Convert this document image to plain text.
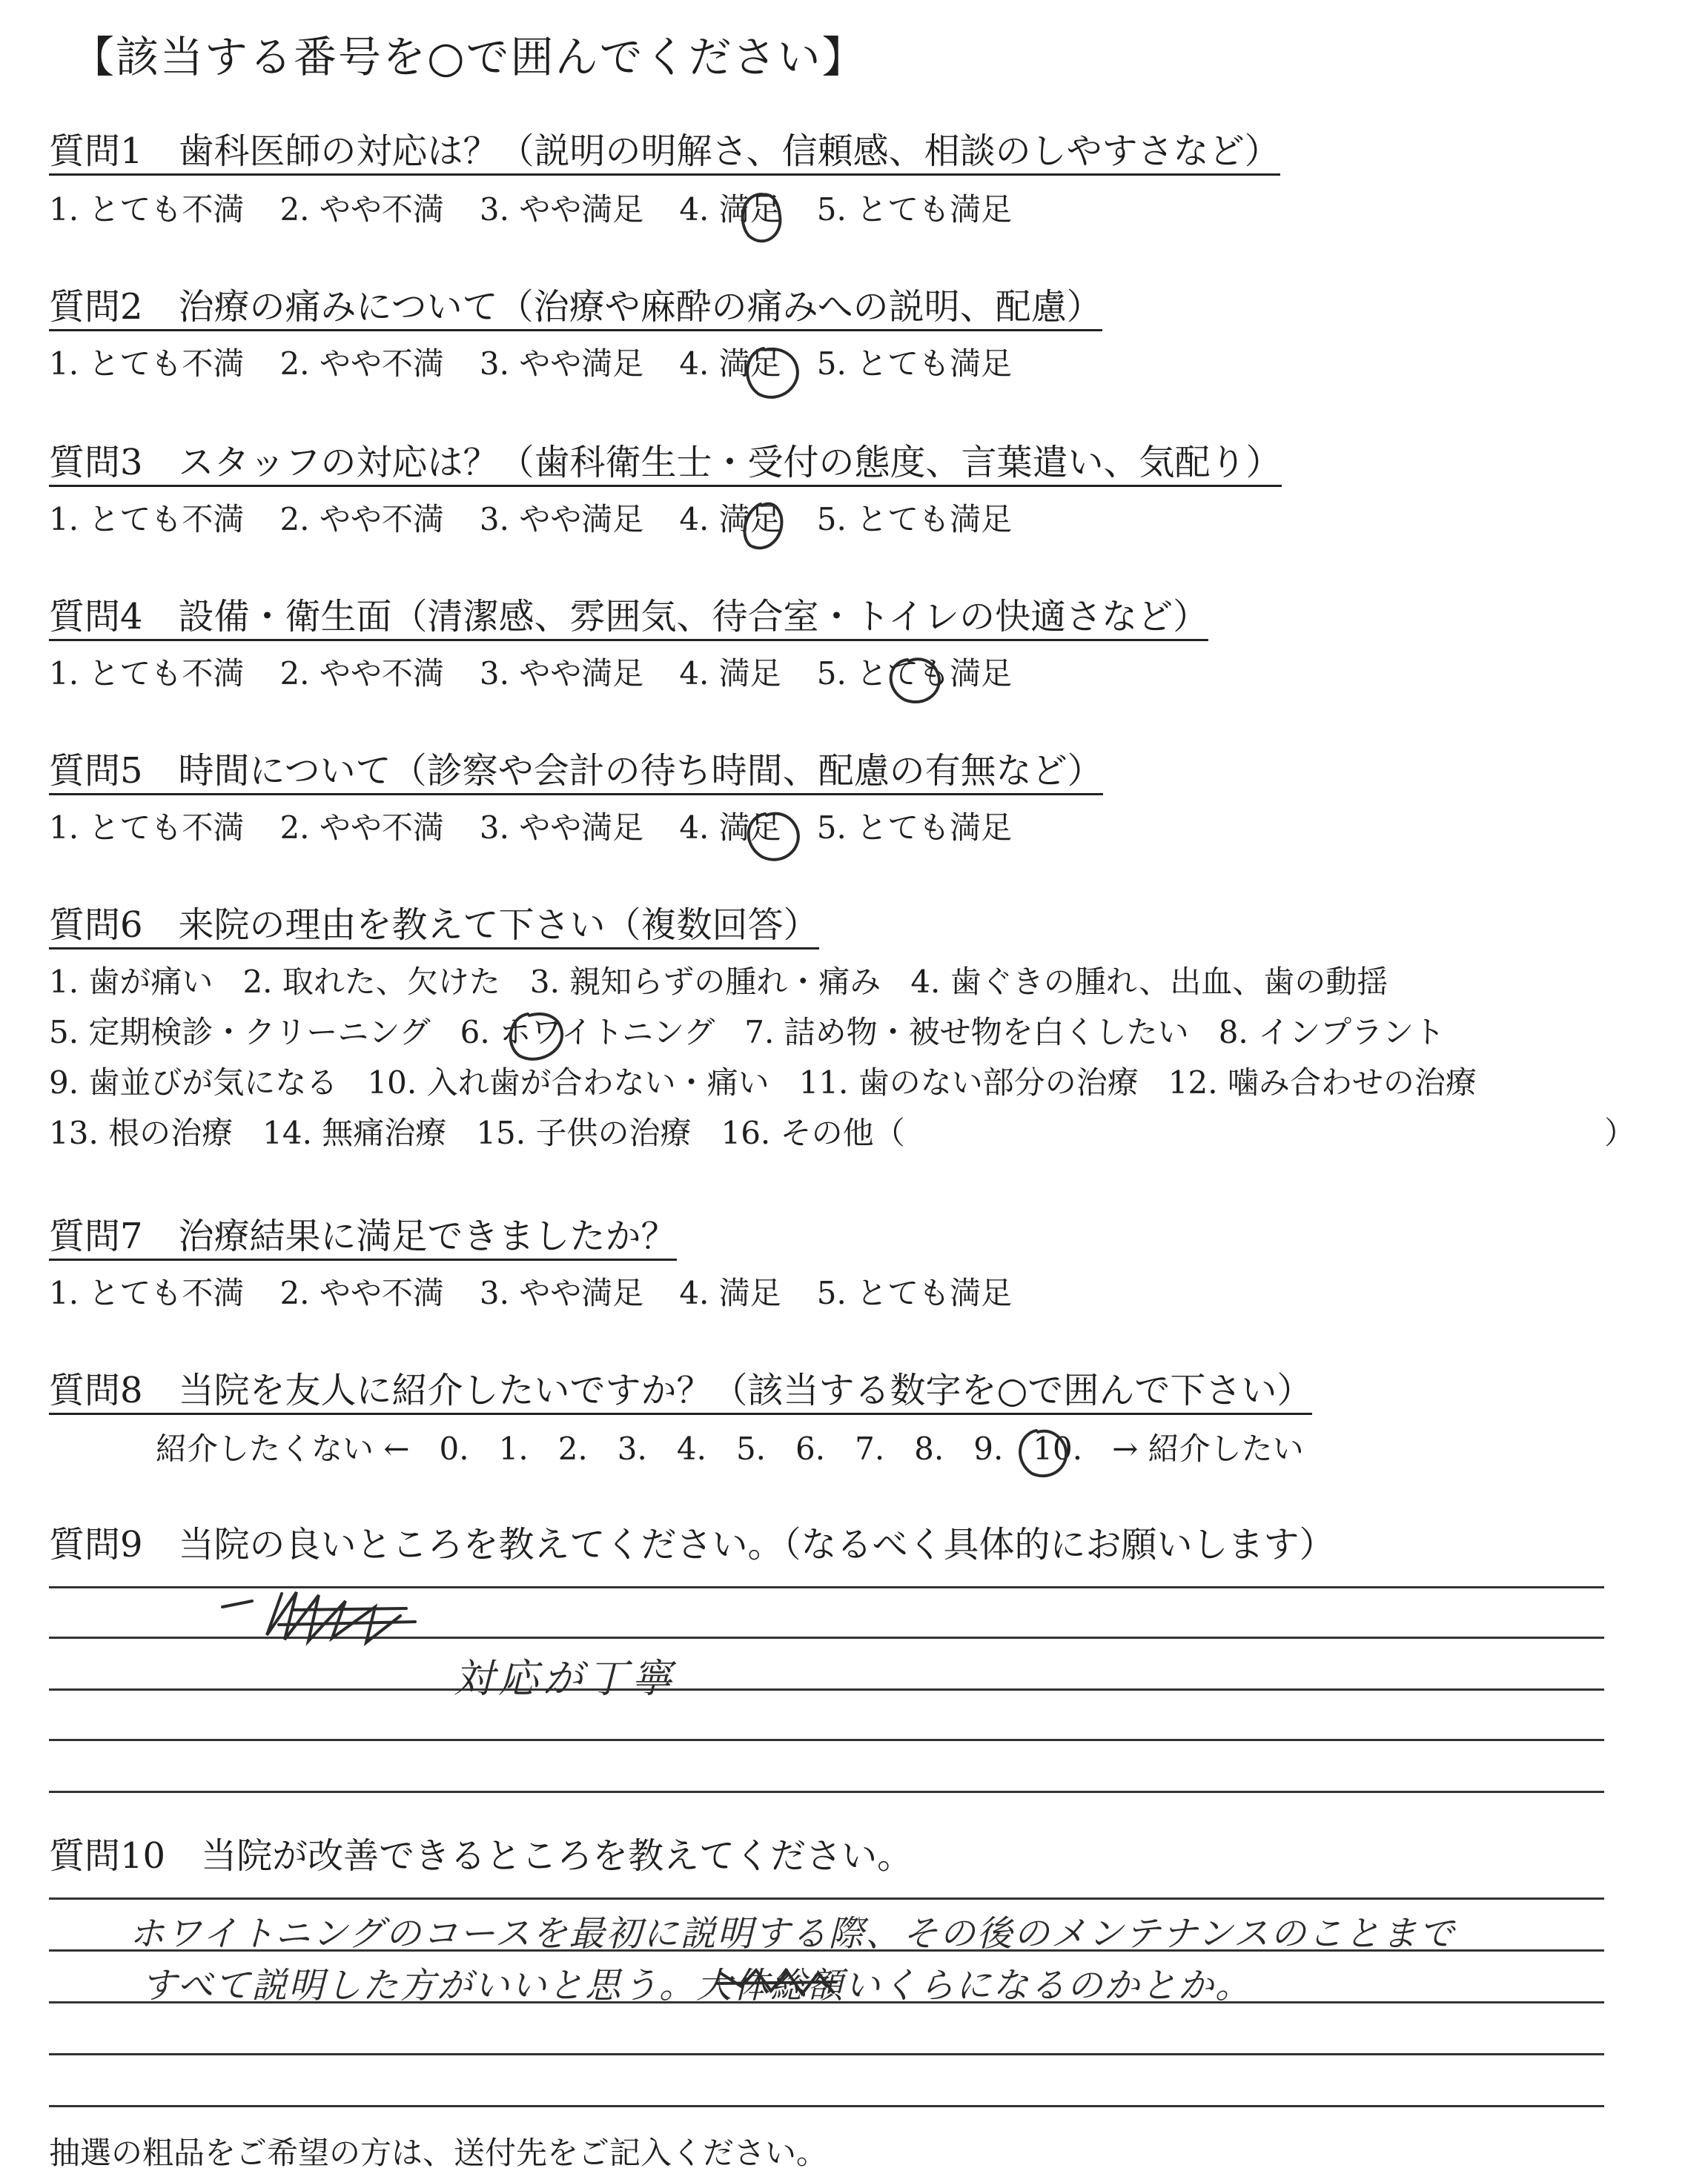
【該当する番号を○で囲んでください】
質問1　歯科医師の対応は？（説明の明解さ、信頼感、相談のしやすさなど）
1. とても不満 2. やや不満 3. やや満足 4. 満足 5. とても満足
質問2　治療の痛みについて（治療や麻酔の痛みへの説明、配慮）
1. とても不満 2. やや不満 3. やや満足 4. 満足 5. とても満足
質問3　スタッフの対応は？（歯科衛生士・受付の態度、言葉遣い、気配り）
1. とても不満 2. やや不満 3. やや満足 4. 満足 5. とても満足
質問4　設備・衛生面（清潔感、雰囲気、待合室・トイレの快適さなど）
1. とても不満 2. やや不満 3. やや満足 4. 満足 5. とても満足
質問5　時間について（診察や会計の待ち時間、配慮の有無など）
1. とても不満 2. やや不満 3. やや満足 4. 満足 5. とても満足
質問6　来院の理由を教えて下さい（複数回答）
1. 歯が痛い 2. 取れた、欠けた 3. 親知らずの腫れ・痛み 4. 歯ぐきの腫れ、出血、歯の動揺
5. 定期検診・クリーニング 6. ホワイトニング 7. 詰め物・被せ物を白くしたい 8. インプラント
9. 歯並びが気になる 10. 入れ歯が合わない・痛い 11. 歯のない部分の治療 12. 噛み合わせの治療
13. 根の治療 14. 無痛治療 15. 子供の治療 16. その他（	）
質問7　治療結果に満足できましたか？
1. とても不満 2. やや不満 3. やや満足 4. 満足 5. とても満足
質問8　当院を友人に紹介したいですか？（該当する数字を○で囲んで下さい）
紹介したくない ← 0. 1. 2. 3. 4. 5. 6. 7. 8. 9. 10. → 紹介したい
質問9　当院の良いところを教えてください。（なるべく具体的にお願いします）
対応が丁寧
質問10　当院が改善できるところを教えてください。
ホワイトニングのコースを最初に説明する際、その後のメンテナンスのことまで
すべて説明した方がいいと思う。大体総額いくらになるのかとか。
抽選の粗品をご希望の方は、送付先をご記入ください。
